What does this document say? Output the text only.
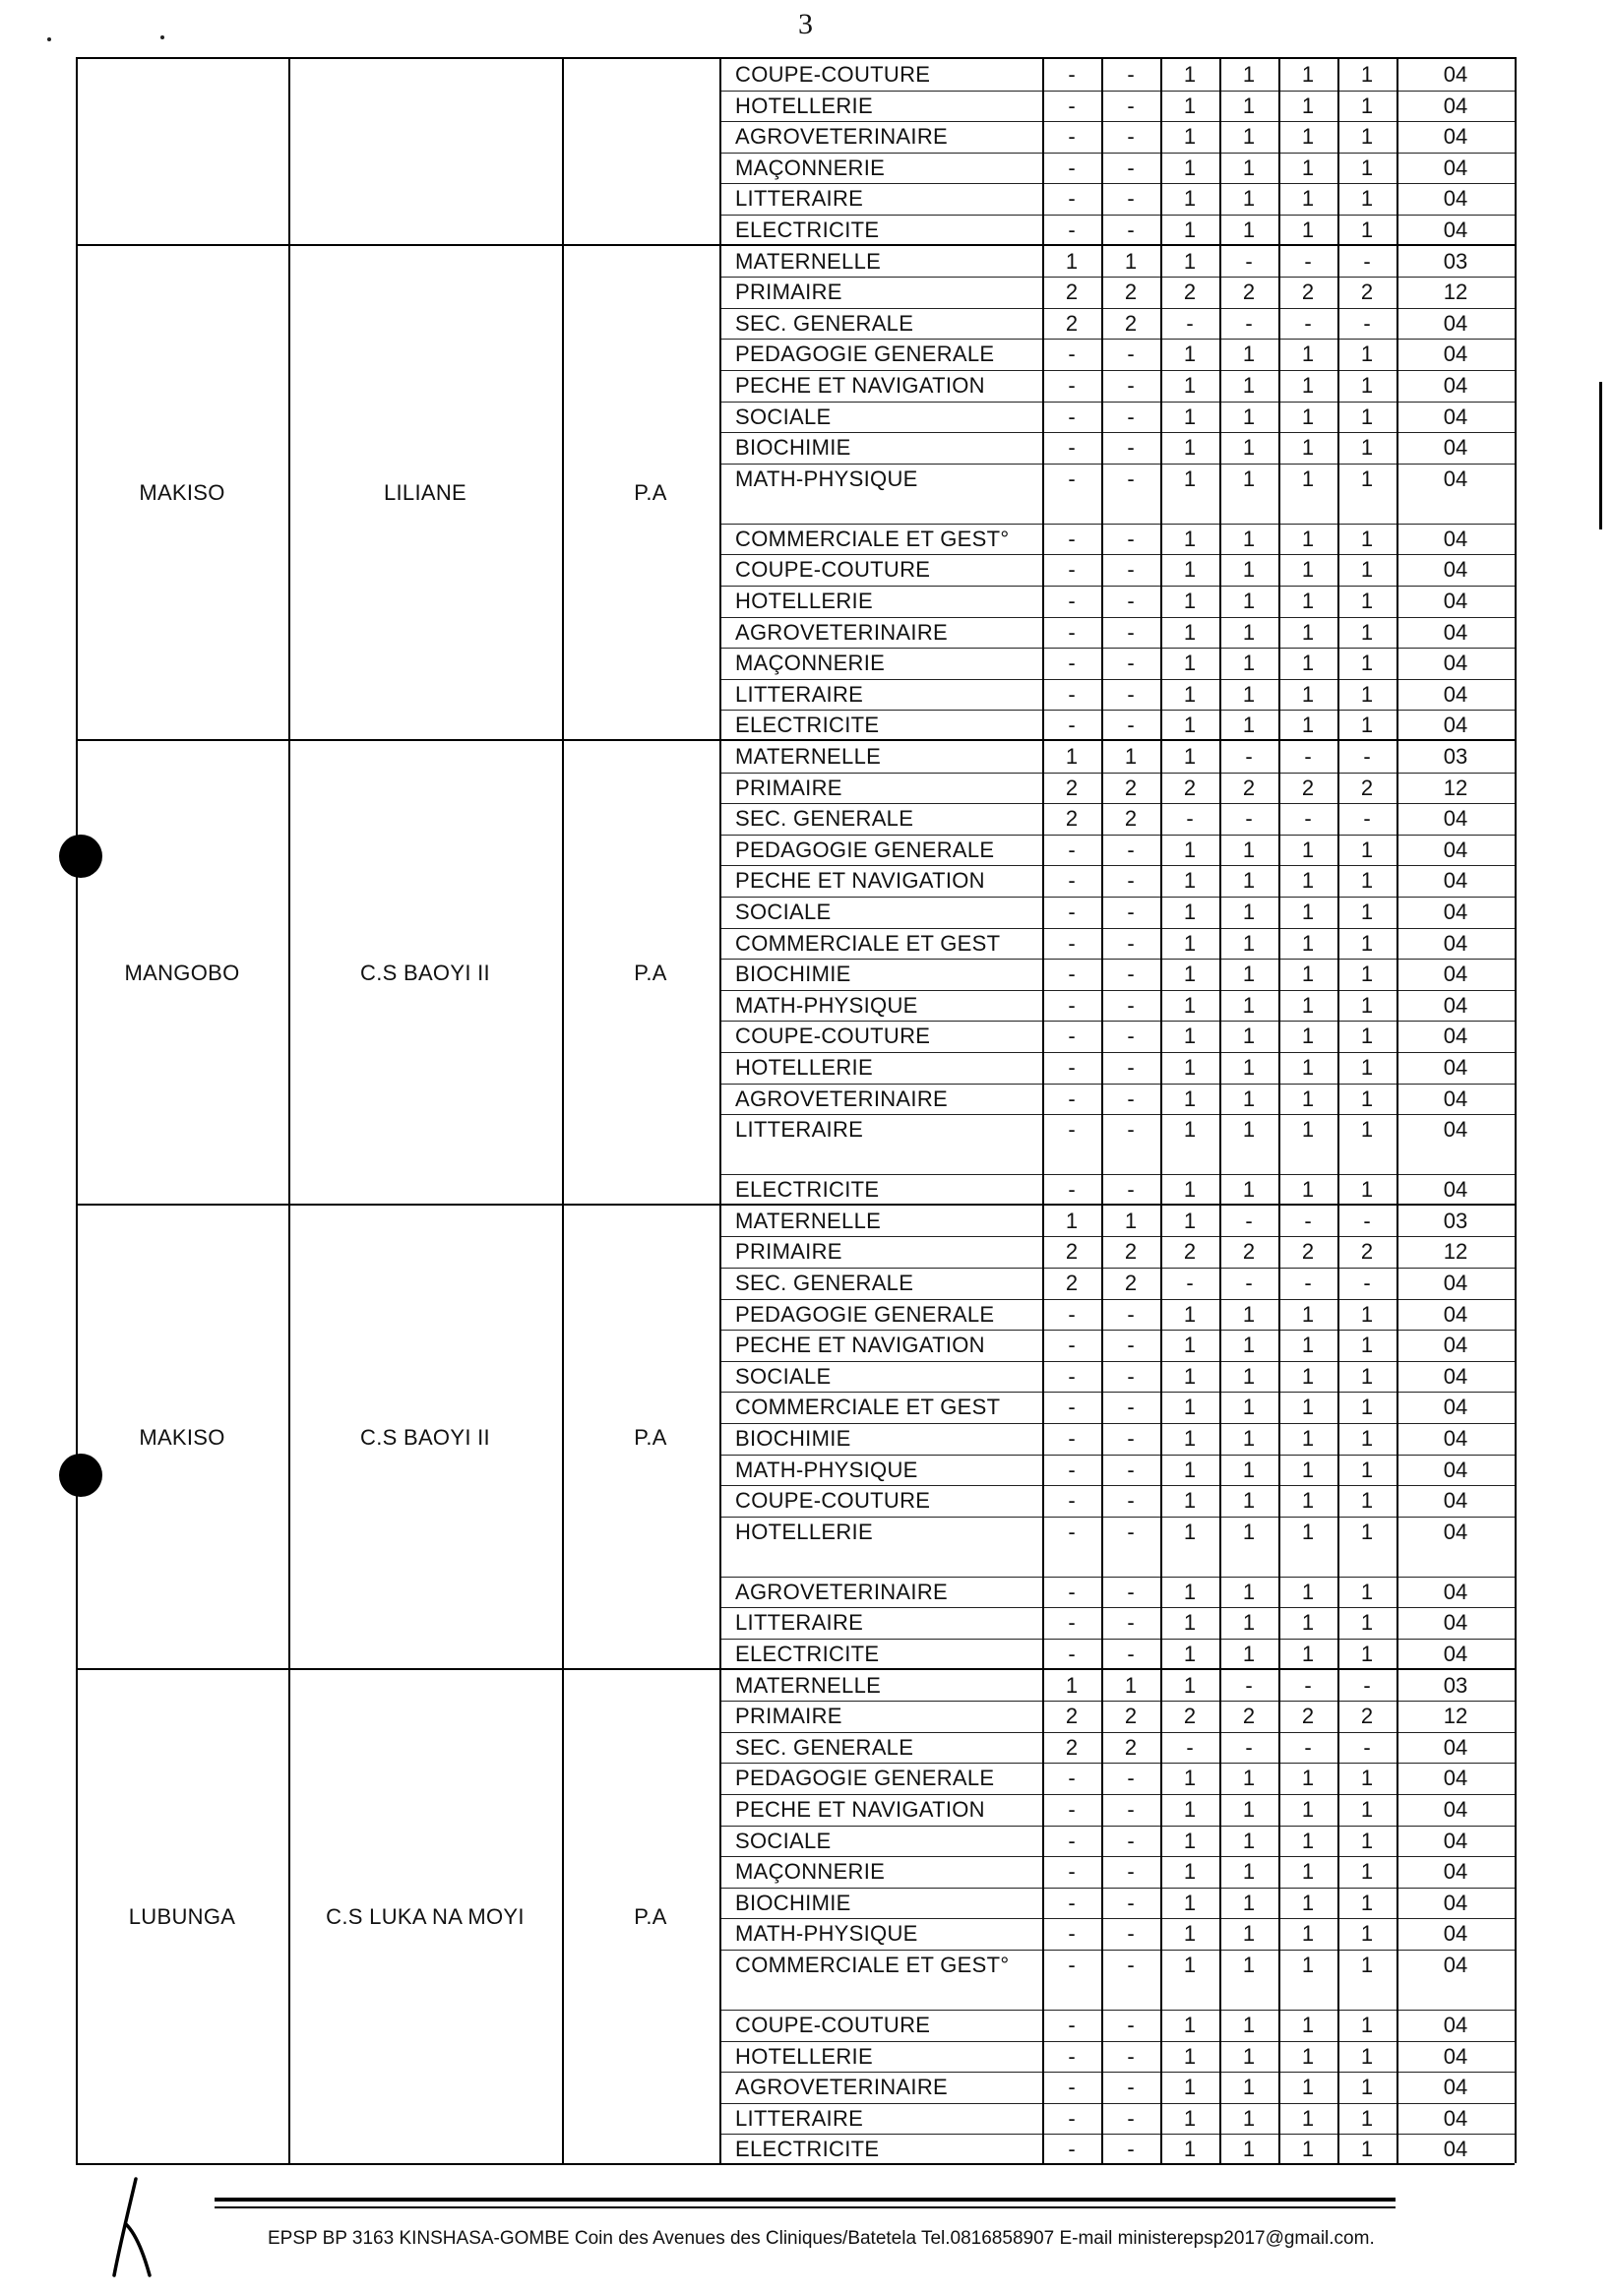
3
COUPE-COUTURE	-	-	1	1	1	1	04
HOTELLERIE	-	-	1	1	1	1	04
AGROVETERINAIRE	-	-	1	1	1	1	04
MAÇONNERIE	-	-	1	1	1	1	04
LITTERAIRE	-	-	1	1	1	1	04
ELECTRICITE	-	-	1	1	1	1	04
MAKISO	LILIANE	P.A
MATERNELLE	1	1	1	-	-	-	03
PRIMAIRE	2	2	2	2	2	2	12
SEC. GENERALE	2	2	-	-	-	-	04
PEDAGOGIE GENERALE	-	-	1	1	1	1	04
PECHE ET NAVIGATION	-	-	1	1	1	1	04
SOCIALE	-	-	1	1	1	1	04
BIOCHIMIE	-	-	1	1	1	1	04
MATH-PHYSIQUE	-	-	1	1	1	1	04
COMMERCIALE ET GEST°	-	-	1	1	1	1	04
COUPE-COUTURE	-	-	1	1	1	1	04
HOTELLERIE	-	-	1	1	1	1	04
AGROVETERINAIRE	-	-	1	1	1	1	04
MAÇONNERIE	-	-	1	1	1	1	04
LITTERAIRE	-	-	1	1	1	1	04
ELECTRICITE	-	-	1	1	1	1	04
MANGOBO	C.S BAOYI II	P.A
MATERNELLE	1	1	1	-	-	-	03
PRIMAIRE	2	2	2	2	2	2	12
SEC. GENERALE	2	2	-	-	-	-	04
PEDAGOGIE GENERALE	-	-	1	1	1	1	04
PECHE ET NAVIGATION	-	-	1	1	1	1	04
SOCIALE	-	-	1	1	1	1	04
COMMERCIALE ET GEST	-	-	1	1	1	1	04
BIOCHIMIE	-	-	1	1	1	1	04
MATH-PHYSIQUE	-	-	1	1	1	1	04
COUPE-COUTURE	-	-	1	1	1	1	04
HOTELLERIE	-	-	1	1	1	1	04
AGROVETERINAIRE	-	-	1	1	1	1	04
LITTERAIRE	-	-	1	1	1	1	04
ELECTRICITE	-	-	1	1	1	1	04
MAKISO	C.S BAOYI II	P.A
MATERNELLE	1	1	1	-	-	-	03
PRIMAIRE	2	2	2	2	2	2	12
SEC. GENERALE	2	2	-	-	-	-	04
PEDAGOGIE GENERALE	-	-	1	1	1	1	04
PECHE ET NAVIGATION	-	-	1	1	1	1	04
SOCIALE	-	-	1	1	1	1	04
COMMERCIALE ET GEST	-	-	1	1	1	1	04
BIOCHIMIE	-	-	1	1	1	1	04
MATH-PHYSIQUE	-	-	1	1	1	1	04
COUPE-COUTURE	-	-	1	1	1	1	04
HOTELLERIE	-	-	1	1	1	1	04
AGROVETERINAIRE	-	-	1	1	1	1	04
LITTERAIRE	-	-	1	1	1	1	04
ELECTRICITE	-	-	1	1	1	1	04
LUBUNGA	C.S LUKA NA MOYI	P.A
MATERNELLE	1	1	1	-	-	-	03
PRIMAIRE	2	2	2	2	2	2	12
SEC. GENERALE	2	2	-	-	-	-	04
PEDAGOGIE GENERALE	-	-	1	1	1	1	04
PECHE ET NAVIGATION	-	-	1	1	1	1	04
SOCIALE	-	-	1	1	1	1	04
MAÇONNERIE	-	-	1	1	1	1	04
BIOCHIMIE	-	-	1	1	1	1	04
MATH-PHYSIQUE	-	-	1	1	1	1	04
COMMERCIALE ET GEST°	-	-	1	1	1	1	04
COUPE-COUTURE	-	-	1	1	1	1	04
HOTELLERIE	-	-	1	1	1	1	04
AGROVETERINAIRE	-	-	1	1	1	1	04
LITTERAIRE	-	-	1	1	1	1	04
ELECTRICITE	-	-	1	1	1	1	04
EPSP BP 3163 KINSHASA-GOMBE Coin des Avenues des Cliniques/Batetela Tel.0816858907 E-mail ministerepsp2017@gmail.com.
